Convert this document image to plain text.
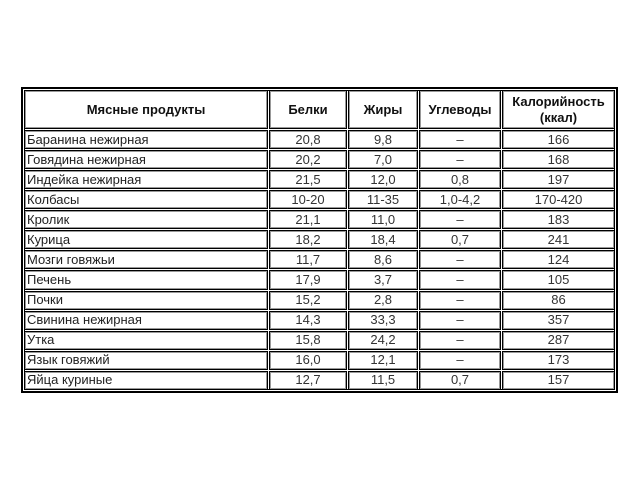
Мясные продукты	Белки	Жиры	Углеводы	Калорийность (ккал)
Баранина нежирная	20,8	9,8	–	166
Говядина нежирная	20,2	7,0	–	168
Индейка нежирная	21,5	12,0	0,8	197
Колбасы	10-20	11-35	1,0-4,2	170-420
Кролик	21,1	11,0	–	183
Курица	18,2	18,4	0,7	241
Мозги говяжьи	11,7	8,6	–	124
Печень	17,9	3,7	–	105
Почки	15,2	2,8	–	86
Свинина нежирная	14,3	33,3	–	357
Утка	15,8	24,2	–	287
Язык говяжий	16,0	12,1	–	173
Яйца куриные	12,7	11,5	0,7	157
